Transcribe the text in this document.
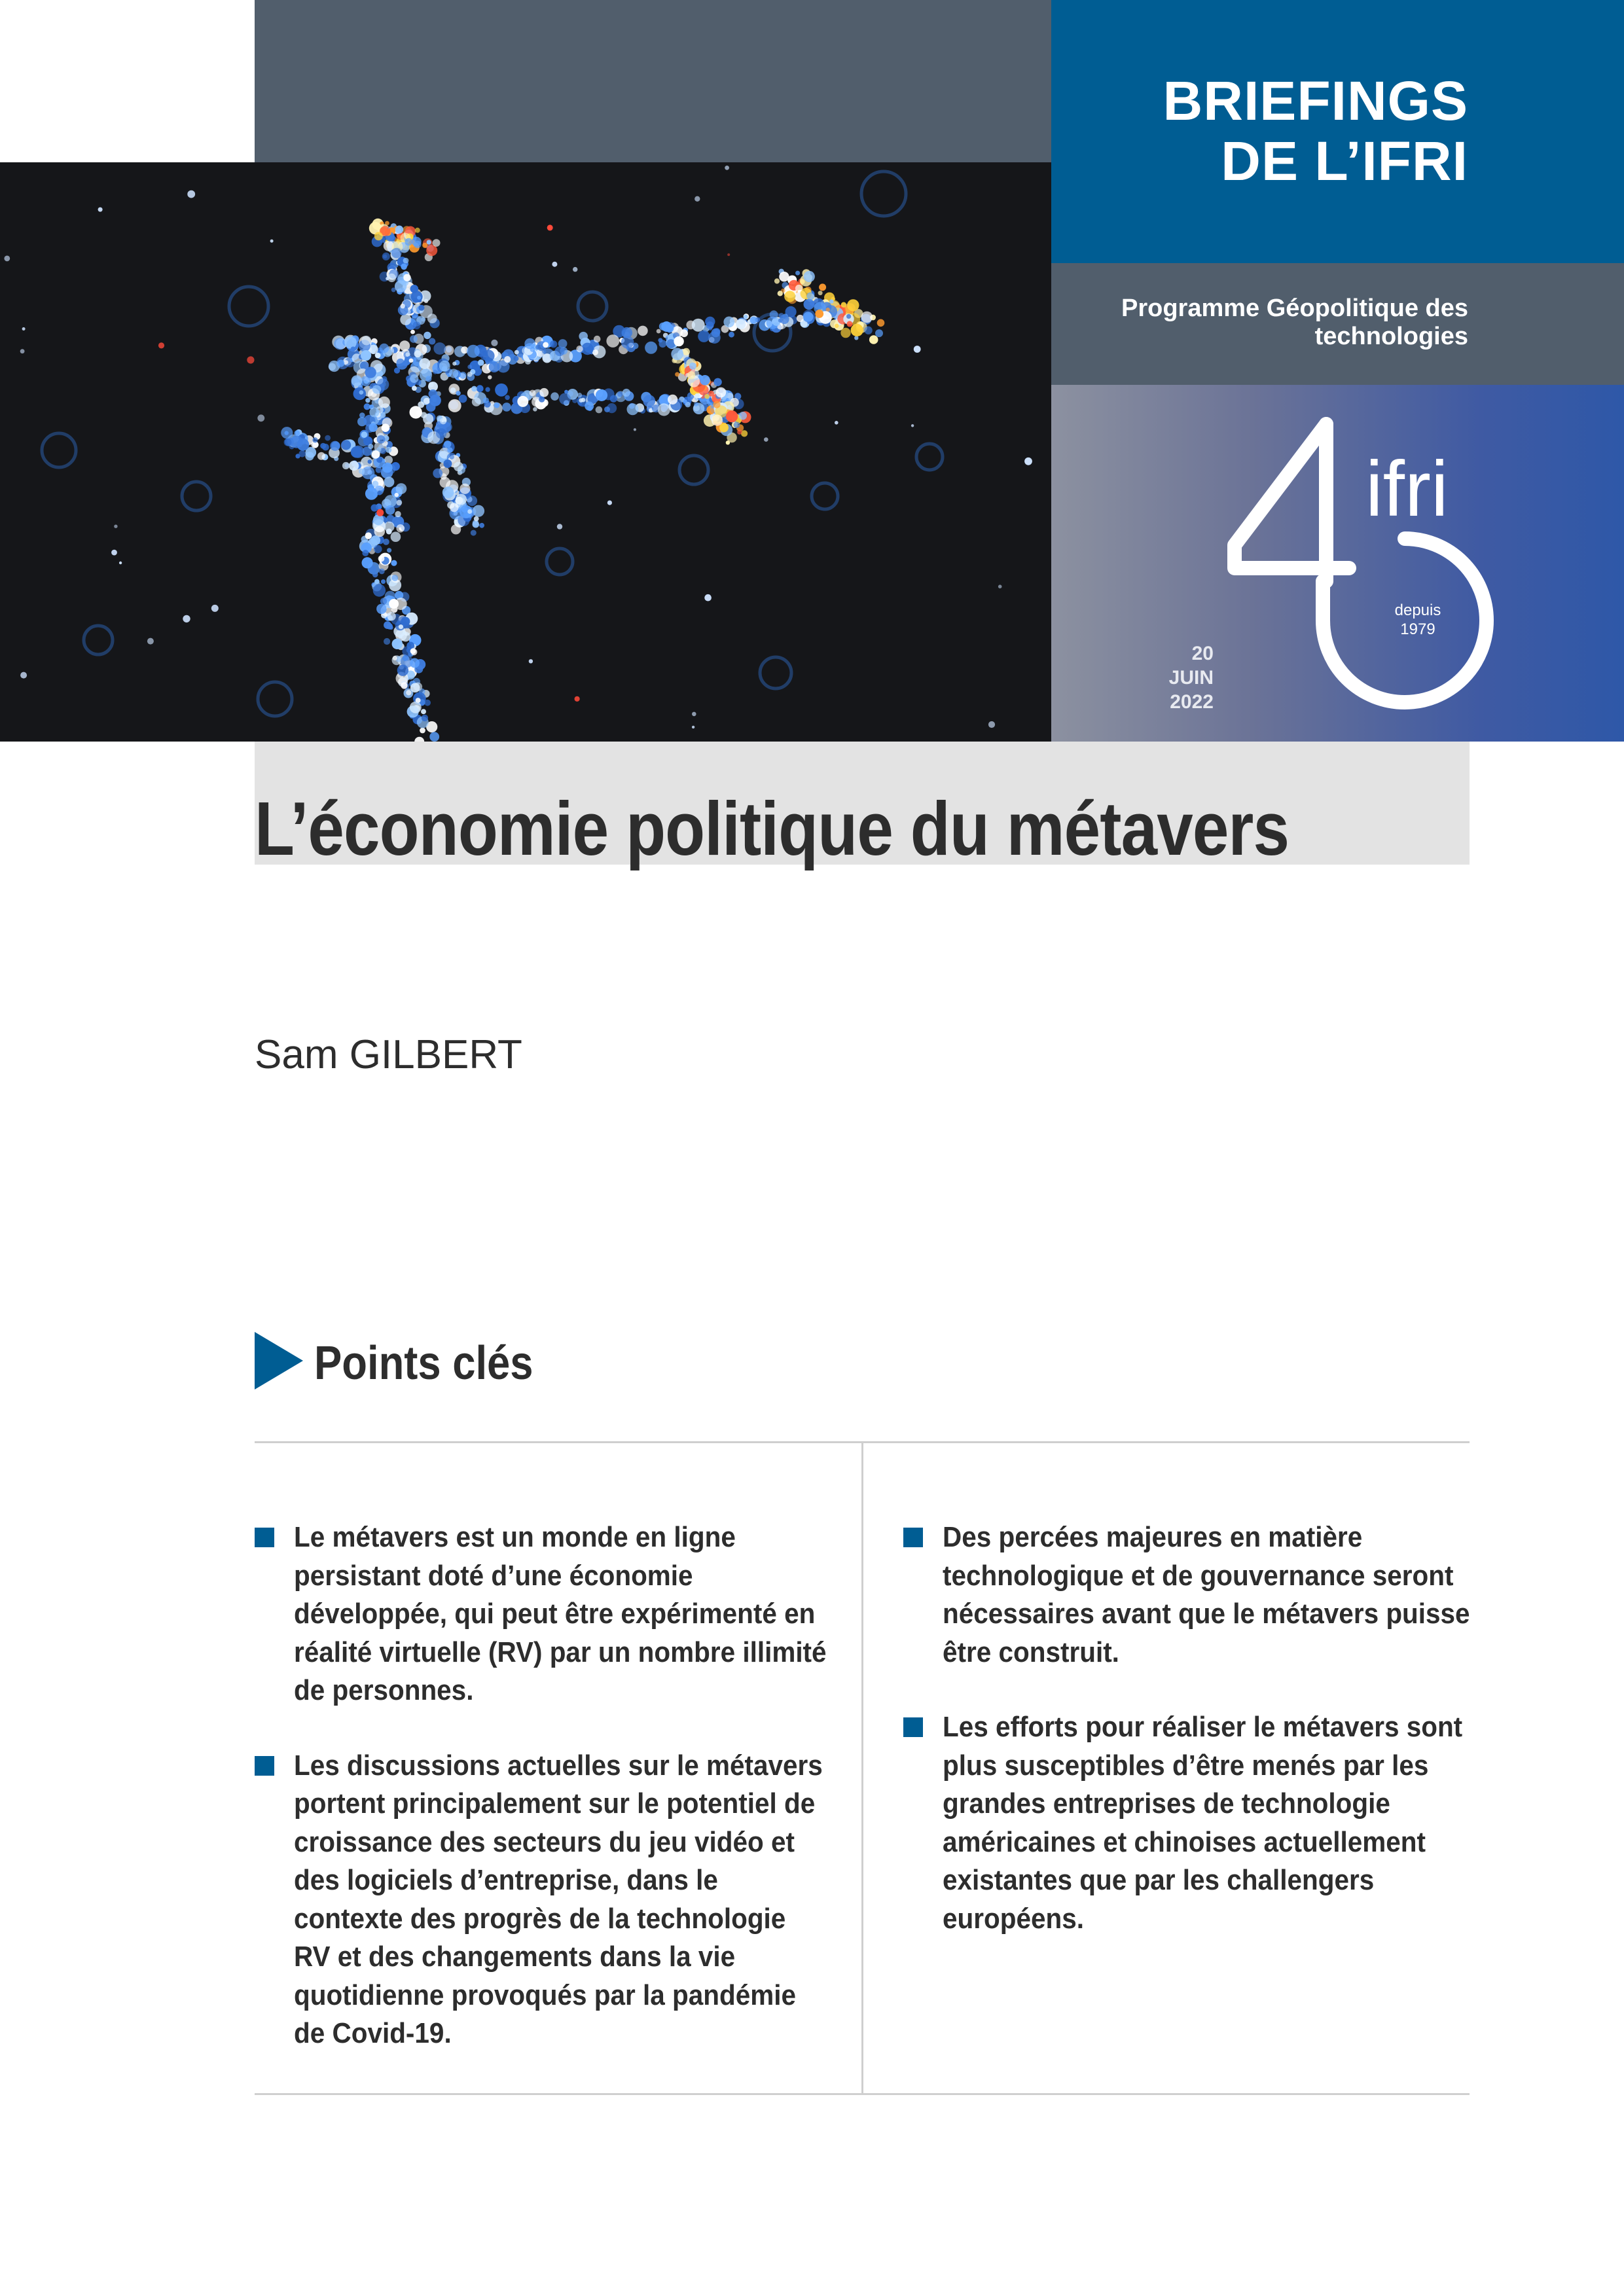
BRIEFINGS
DE L’IFRI
Programme Géopolitique des technologies
ifri
depuis
1979
20
JUIN
2022
L’économie politique du métavers
Sam GILBERT
Points clés
Le métavers est un monde en ligne persistant doté d’une économie développée, qui peut être expérimenté en réalité virtuelle (RV) par un nombre illimité de personnes.
Les discussions actuelles sur le métavers portent principalement sur le potentiel de croissance des secteurs du jeu vidéo et des logiciels d’entreprise, dans le contexte des progrès de la technologie RV et des changements dans la vie quotidienne provoqués par la pandémie de Covid-19.
Des percées majeures en matière technologique et de gouvernance seront nécessaires avant que le métavers puisse être construit.
Les efforts pour réaliser le métavers sont plus susceptibles d’être menés par les grandes entreprises de technologie américaines et chinoises actuellement existantes que par les challengers européens.
